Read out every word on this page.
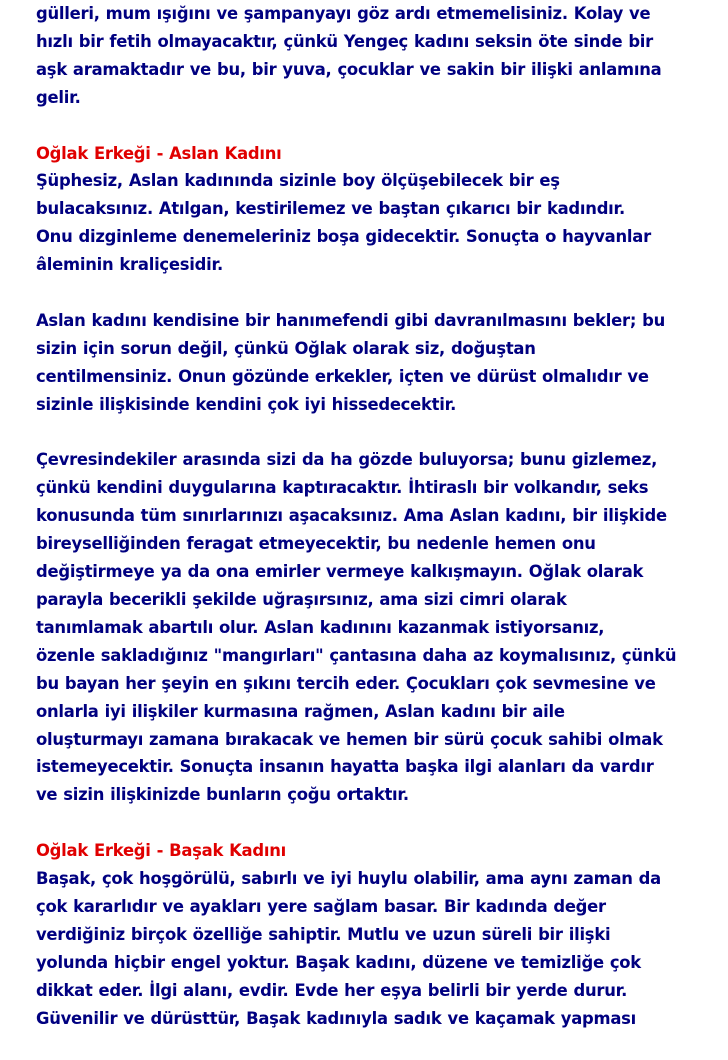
gülleri, mum ışığını ve şampanyayı göz ardı etmemelisiniz. Kolay ve
hızlı bir fetih olmayacaktır, çünkü Yengeç kadını seksin öte sinde bir
aşk aramaktadır ve bu, bir yuva, çocuklar ve sakin bir ilişki anlamına
gelir.
Oğlak Erkeği - Aslan Kadını
Şüphesiz, Aslan kadınında sizinle boy ölçüşebilecek bir eş
bulacaksınız. Atılgan, kestirilemez ve baştan çıkarıcı bir kadındır.
Onu dizginleme denemeleriniz boşa gidecektir. Sonuçta o hayvanlar
âleminin kraliçesidir.
Aslan kadını kendisine bir hanımefendi gibi davranılmasını bekler; bu
sizin için sorun değil, çünkü Oğlak olarak siz, doğuştan
centilmensiniz. Onun gözünde erkekler, içten ve dürüst olmalıdır ve
sizinle ilişkisinde kendini çok iyi hissedecektir.
Çevresindekiler arasında sizi da ha gözde buluyorsa; bunu gizlemez,
çünkü kendini duygularına kaptıracaktır. İhtiraslı bir volkandır, seks
konusunda tüm sınırlarınızı aşacaksınız. Ama Aslan kadını, bir ilişkide
bireyselliğinden feragat etmeyecektir, bu nedenle hemen onu
değiştirmeye ya da ona emirler vermeye kalkışmayın. Oğlak olarak
parayla becerikli şekilde uğraşırsınız, ama sizi cimri olarak
tanımlamak abartılı olur. Aslan kadınını kazanmak istiyorsanız,
özenle sakladığınız "mangırları" çantasına daha az koymalısınız, çünkü
bu bayan her şeyin en şıkını tercih eder. Çocukları çok sevmesine ve
onlarla iyi ilişkiler kurmasına rağmen, Aslan kadını bir aile
oluşturmayı zamana bırakacak ve hemen bir sürü çocuk sahibi olmak
istemeyecektir. Sonuçta insanın hayatta başka ilgi alanları da vardır
ve sizin ilişkinizde bunların çoğu ortaktır.
Oğlak Erkeği - Başak Kadını
Başak, çok hoşgörülü, sabırlı ve iyi huylu olabilir, ama aynı zaman da
çok kararlıdır ve ayakları yere sağlam basar. Bir kadında değer
verdiğiniz birçok özelliğe sahiptir. Mutlu ve uzun süreli bir ilişki
yolunda hiçbir engel yoktur. Başak kadını, düzene ve temizliğe çok
dikkat eder. İlgi alanı, evdir. Evde her eşya belirli bir yerde durur.
Güvenilir ve dürüsttür, Başak kadınıyla sadık ve kaçamak yapması
